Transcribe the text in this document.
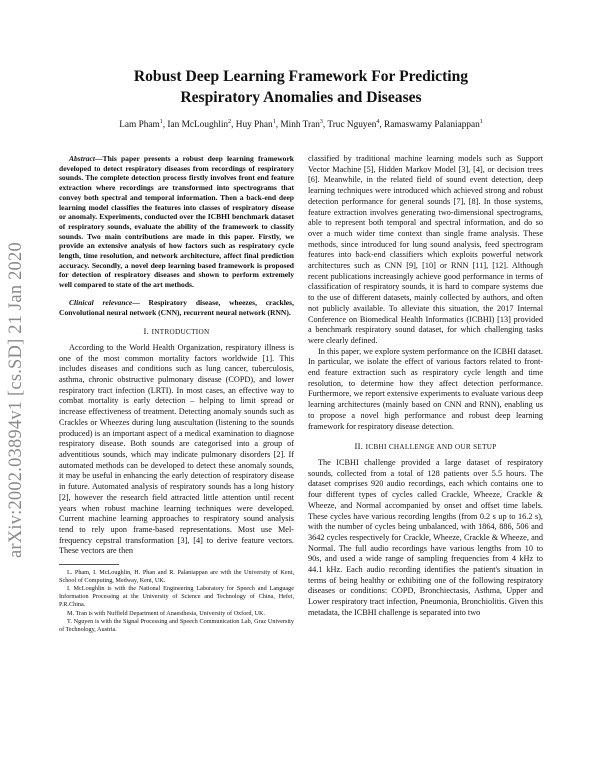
arXiv:2002.03894v1 [cs.SD] 21 Jan 2020
Robust Deep Learning Framework For Predicting
Respiratory Anomalies and Diseases
Lam Pham$^1$, Ian McLoughlin$^2$, Huy Phan$^1$, Minh Tran$^3$, Truc Nguyen$^4$, Ramaswamy Palaniappan$^1$

Abstract—This paper presents a robust deep learning framework developed to detect respiratory diseases from recordings of respiratory sounds. The complete detection process firstly involves front end feature extraction where recordings are transformed into spectrograms that convey both spectral and temporal information. Then a back-end deep learning model classifies the features into classes of respiratory disease or anomaly. Experiments, conducted over the ICBHI benchmark dataset of respiratory sounds, evaluate the ability of the framework to classify sounds. Two main contributions are made in this paper. Firstly, we provide an extensive analysis of how factors such as respiratory cycle length, time resolution, and network architecture, affect final prediction accuracy. Secondly, a novel deep learning based framework is proposed for detection of respiratory diseases and shown to perform extremely well compared to state of the art methods.

Clinical relevance— Respiratory disease, wheezes, crackles, Convolutional neural network (CNN), recurrent neural network (RNN).

I. INTRODUCTION

According to the World Health Organization, respiratory illness is one of the most common mortality factors worldwide [1]. This includes diseases and conditions such as lung cancer, tuberculosis, asthma, chronic obstructive pulmonary disease (COPD), and lower respiratory tract infection (LRTI). In most cases, an effective way to combat mortality is early detection – helping to limit spread or increase effectiveness of treatment. Detecting anomaly sounds such as Crackles or Wheezes during lung auscultation (listening to the sounds produced) is an important aspect of a medical examination to diagnose respiratory disease. Both sounds are categorised into a group of adventitious sounds, which may indicate pulmonary disorders [2]. If automated methods can be developed to detect these anomaly sounds, it may be useful in enhancing the early detection of respiratory disease in future. Automated analysis of respiratory sounds has a long history [2], however the research field attracted little attention until recent years when robust machine learning techniques were developed. Current machine learning approaches to respiratory sound analysis tend to rely upon frame-based representations. Most use Mel-frequency cepstral transformation [3], [4] to derive feature vectors. These vectors are then

L. Pham, I. McLoughlin, H. Phan and R. Palaniappan are with the University of Kent, School of Computing, Medway, Kent, UK.

I. McLoughlin is with the National Engineering Laboratory for Speech and Language Information Processing at the University of Science and Technology of China, Hefei, P.R.China.

M. Tran is with Nuffield Department of Anaesthesia, University of Oxford, UK.

T. Nguyen is with the Signal Processing and Speech Communication Lab, Graz University of Technology, Austria.

classified by traditional machine learning models such as Support Vector Machine [5], Hidden Markov Model [3], [4], or decision trees [6]. Meanwhile, in the related field of sound event detection, deep learning techniques were introduced which achieved strong and robust detection performance for general sounds [7], [8]. In those systems, feature extraction involves generating two-dimensional spectrograms, able to represent both temporal and spectral information, and do so over a much wider time context than single frame analysis. These methods, since introduced for lung sound analysis, feed spectrogram features into back-end classifiers which exploits powerful network architectures such as CNN [9], [10] or RNN [11], [12]. Although recent publications increasingly achieve good performance in terms of classification of respiratory sounds, it is hard to compare systems due to the use of different datasets, mainly collected by authors, and often not publicly available. To alleviate this situation, the 2017 Internal Conference on Biomedical Health Informatics (ICBHI) [13] provided a benchmark respiratory sound dataset, for which challenging tasks were clearly defined.

In this paper, we explore system performance on the ICBHI dataset. In particular, we isolate the effect of various factors related to front-end feature extraction such as respiratory cycle length and time resolution, to determine how they affect detection performance. Furthermore, we report extensive experiments to evaluate various deep learning architectures (mainly based on CNN and RNN), enabling us to propose a novel high performance and robust deep learning framework for respiratory disease detection.

II. ICBHI CHALLENGE AND OUR SETUP

The ICBHI challenge provided a large dataset of respiratory sounds, collected from a total of 128 patients over 5.5 hours. The dataset comprises 920 audio recordings, each which contains one to four different types of cycles called Crackle, Wheeze, Crackle & Wheeze, and Normal accompanied by onset and offset time labels. These cycles have various recording lengths (from 0.2 s up to 16.2 s), with the number of cycles being unbalanced, with 1864, 886, 506 and 3642 cycles respectively for Crackle, Wheeze, Crackle & Wheeze, and Normal. The full audio recordings have various lengths from 10 to 90s, and used a wide range of sampling frequencies from 4 kHz to 44.1 kHz. Each audio recording identifies the patient's situation in terms of being healthy or exhibiting one of the following respiratory diseases or conditions: COPD, Bronchiectasis, Asthma, Upper and Lower respiratory tract infection, Pneumonia, Bronchiolitis. Given this metadata, the ICBHI challenge is separated into two
